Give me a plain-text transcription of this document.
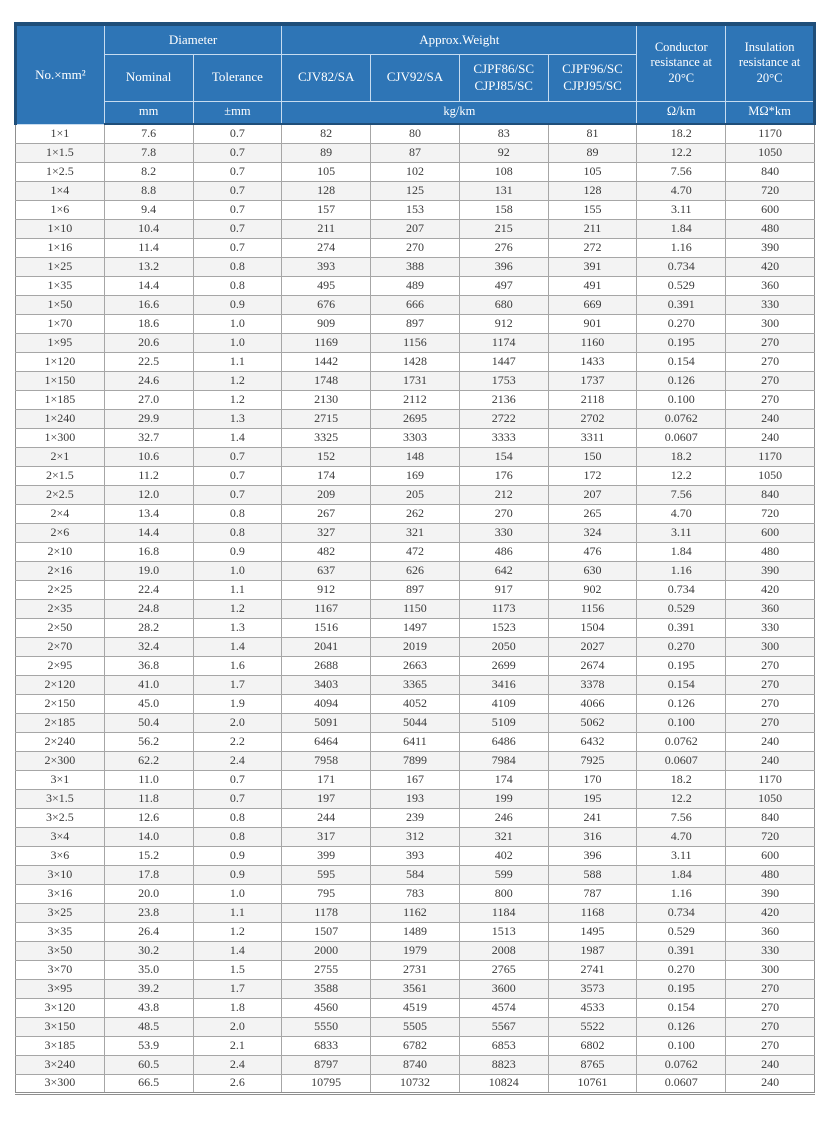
No.×mm²	Diameter		Approx.Weight				Conductor resistance at 20°C	Insulation resistance at 20°C
	Nominal	Tolerance	CJV82/SA	CJV92/SA	CJPF86/SC CJPJ85/SC	CJPF96/SC CJPJ95/SC		
	mm	±mm	kg/km				Ω/km	MΩ*km
1×1	7.6	0.7	82	80	83	81	18.2	1170
1×1.5	7.8	0.7	89	87	92	89	12.2	1050
1×2.5	8.2	0.7	105	102	108	105	7.56	840
1×4	8.8	0.7	128	125	131	128	4.70	720
1×6	9.4	0.7	157	153	158	155	3.11	600
1×10	10.4	0.7	211	207	215	211	1.84	480
1×16	11.4	0.7	274	270	276	272	1.16	390
1×25	13.2	0.8	393	388	396	391	0.734	420
1×35	14.4	0.8	495	489	497	491	0.529	360
1×50	16.6	0.9	676	666	680	669	0.391	330
1×70	18.6	1.0	909	897	912	901	0.270	300
1×95	20.6	1.0	1169	1156	1174	1160	0.195	270
1×120	22.5	1.1	1442	1428	1447	1433	0.154	270
1×150	24.6	1.2	1748	1731	1753	1737	0.126	270
1×185	27.0	1.2	2130	2112	2136	2118	0.100	270
1×240	29.9	1.3	2715	2695	2722	2702	0.0762	240
1×300	32.7	1.4	3325	3303	3333	3311	0.0607	240
2×1	10.6	0.7	152	148	154	150	18.2	1170
2×1.5	11.2	0.7	174	169	176	172	12.2	1050
2×2.5	12.0	0.7	209	205	212	207	7.56	840
2×4	13.4	0.8	267	262	270	265	4.70	720
2×6	14.4	0.8	327	321	330	324	3.11	600
2×10	16.8	0.9	482	472	486	476	1.84	480
2×16	19.0	1.0	637	626	642	630	1.16	390
2×25	22.4	1.1	912	897	917	902	0.734	420
2×35	24.8	1.2	1167	1150	1173	1156	0.529	360
2×50	28.2	1.3	1516	1497	1523	1504	0.391	330
2×70	32.4	1.4	2041	2019	2050	2027	0.270	300
2×95	36.8	1.6	2688	2663	2699	2674	0.195	270
2×120	41.0	1.7	3403	3365	3416	3378	0.154	270
2×150	45.0	1.9	4094	4052	4109	4066	0.126	270
2×185	50.4	2.0	5091	5044	5109	5062	0.100	270
2×240	56.2	2.2	6464	6411	6486	6432	0.0762	240
2×300	62.2	2.4	7958	7899	7984	7925	0.0607	240
3×1	11.0	0.7	171	167	174	170	18.2	1170
3×1.5	11.8	0.7	197	193	199	195	12.2	1050
3×2.5	12.6	0.8	244	239	246	241	7.56	840
3×4	14.0	0.8	317	312	321	316	4.70	720
3×6	15.2	0.9	399	393	402	396	3.11	600
3×10	17.8	0.9	595	584	599	588	1.84	480
3×16	20.0	1.0	795	783	800	787	1.16	390
3×25	23.8	1.1	1178	1162	1184	1168	0.734	420
3×35	26.4	1.2	1507	1489	1513	1495	0.529	360
3×50	30.2	1.4	2000	1979	2008	1987	0.391	330
3×70	35.0	1.5	2755	2731	2765	2741	0.270	300
3×95	39.2	1.7	3588	3561	3600	3573	0.195	270
3×120	43.8	1.8	4560	4519	4574	4533	0.154	270
3×150	48.5	2.0	5550	5505	5567	5522	0.126	270
3×185	53.9	2.1	6833	6782	6853	6802	0.100	270
3×240	60.5	2.4	8797	8740	8823	8765	0.0762	240
3×300	66.5	2.6	10795	10732	10824	10761	0.0607	240
